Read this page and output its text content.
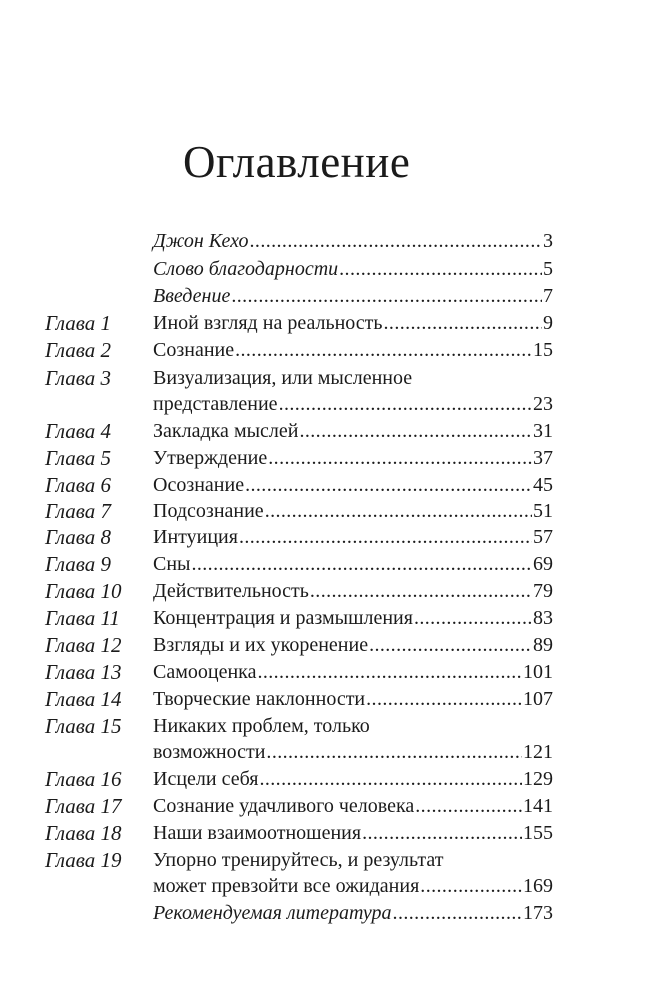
Оглавление
Джон Кехо .....	3
Слово благодарности .....	5
Введение .....	7
Глава 1 Иной взгляд на реальность .....	9
Глава 2 Сознание .....	15
Глава 3 Визуализация, или мысленное
представление .....	23
Глава 4 Закладка мыслей .....	31
Глава 5 Утверждение .....	37
Глава 6 Осознание .....	45
Глава 7 Подсознание .....	51
Глава 8 Интуиция .....	57
Глава 9 Сны .....	69
Глава 10 Действительность .....	79
Глава 11 Концентрация и размышления .....	83
Глава 12 Взгляды и их укоренение .....	89
Глава 13 Самооценка .....	101
Глава 14 Творческие наклонности .....	107
Глава 15 Никаких проблем, только
возможности .....	121
Глава 16 Исцели себя .....	129
Глава 17 Сознание удачливого человека .....	141
Глава 18 Наши взаимоотношения .....	155
Глава 19 Упорно тренируйтесь, и результат
может превзойти все ожидания .....	169
Рекомендуемая литература .....	173
